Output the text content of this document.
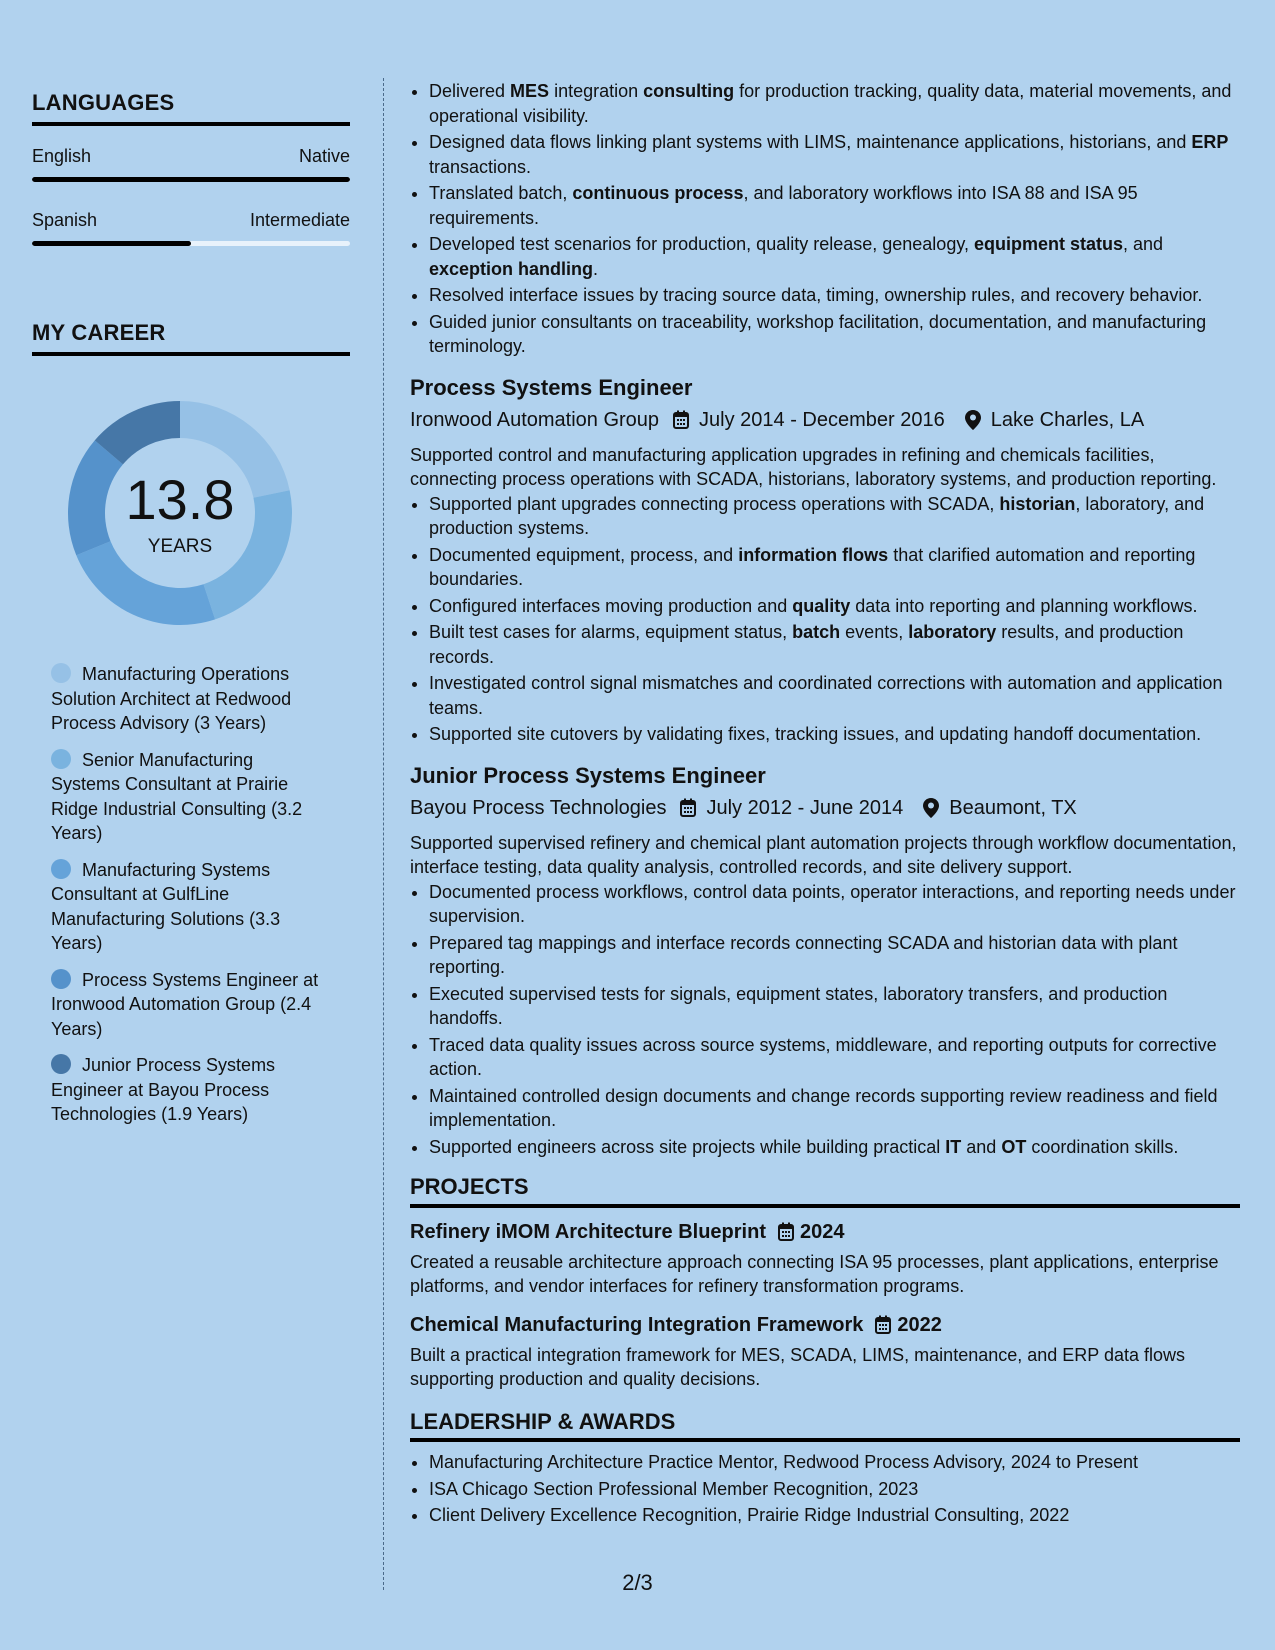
LANGUAGES
English	Native
Spanish	Intermediate
MY CAREER
13.8
YEARS
Manufacturing Operations Solution Architect at Redwood Process Advisory (3 Years)
Senior Manufacturing Systems Consultant at Prairie Ridge Industrial Consulting (3.2 Years)
Manufacturing Systems Consultant at GulfLine Manufacturing Solutions (3.3 Years)
Process Systems Engineer at Ironwood Automation Group (2.4 Years)
Junior Process Systems Engineer at Bayou Process Technologies (1.9 Years)
• Delivered MES integration consulting for production tracking, quality data, material movements, and operational visibility.
• Designed data flows linking plant systems with LIMS, maintenance applications, historians, and ERP transactions.
• Translated batch, continuous process, and laboratory workflows into ISA 88 and ISA 95 requirements.
• Developed test scenarios for production, quality release, genealogy, equipment status, and exception handling.
• Resolved interface issues by tracing source data, timing, ownership rules, and recovery behavior.
• Guided junior consultants on traceability, workshop facilitation, documentation, and manufacturing terminology.
Process Systems Engineer
Ironwood Automation Group July 2014 - December 2016 Lake Charles, LA
Supported control and manufacturing application upgrades in refining and chemicals facilities, connecting process operations with SCADA, historians, laboratory systems, and production reporting.
• Supported plant upgrades connecting process operations with SCADA, historian, laboratory, and production systems.
• Documented equipment, process, and information flows that clarified automation and reporting boundaries.
• Configured interfaces moving production and quality data into reporting and planning workflows.
• Built test cases for alarms, equipment status, batch events, laboratory results, and production records.
• Investigated control signal mismatches and coordinated corrections with automation and application teams.
• Supported site cutovers by validating fixes, tracking issues, and updating handoff documentation.
Junior Process Systems Engineer
Bayou Process Technologies July 2012 - June 2014 Beaumont, TX
Supported supervised refinery and chemical plant automation projects through workflow documentation, interface testing, data quality analysis, controlled records, and site delivery support.
• Documented process workflows, control data points, operator interactions, and reporting needs under supervision.
• Prepared tag mappings and interface records connecting SCADA and historian data with plant reporting.
• Executed supervised tests for signals, equipment states, laboratory transfers, and production handoffs.
• Traced data quality issues across source systems, middleware, and reporting outputs for corrective action.
• Maintained controlled design documents and change records supporting review readiness and field implementation.
• Supported engineers across site projects while building practical IT and OT coordination skills.
PROJECTS
Refinery iMOM Architecture Blueprint 2024
Created a reusable architecture approach connecting ISA 95 processes, plant applications, enterprise platforms, and vendor interfaces for refinery transformation programs.
Chemical Manufacturing Integration Framework 2022
Built a practical integration framework for MES, SCADA, LIMS, maintenance, and ERP data flows supporting production and quality decisions.
LEADERSHIP & AWARDS
• Manufacturing Architecture Practice Mentor, Redwood Process Advisory, 2024 to Present
• ISA Chicago Section Professional Member Recognition, 2023
• Client Delivery Excellence Recognition, Prairie Ridge Industrial Consulting, 2022
2/3
